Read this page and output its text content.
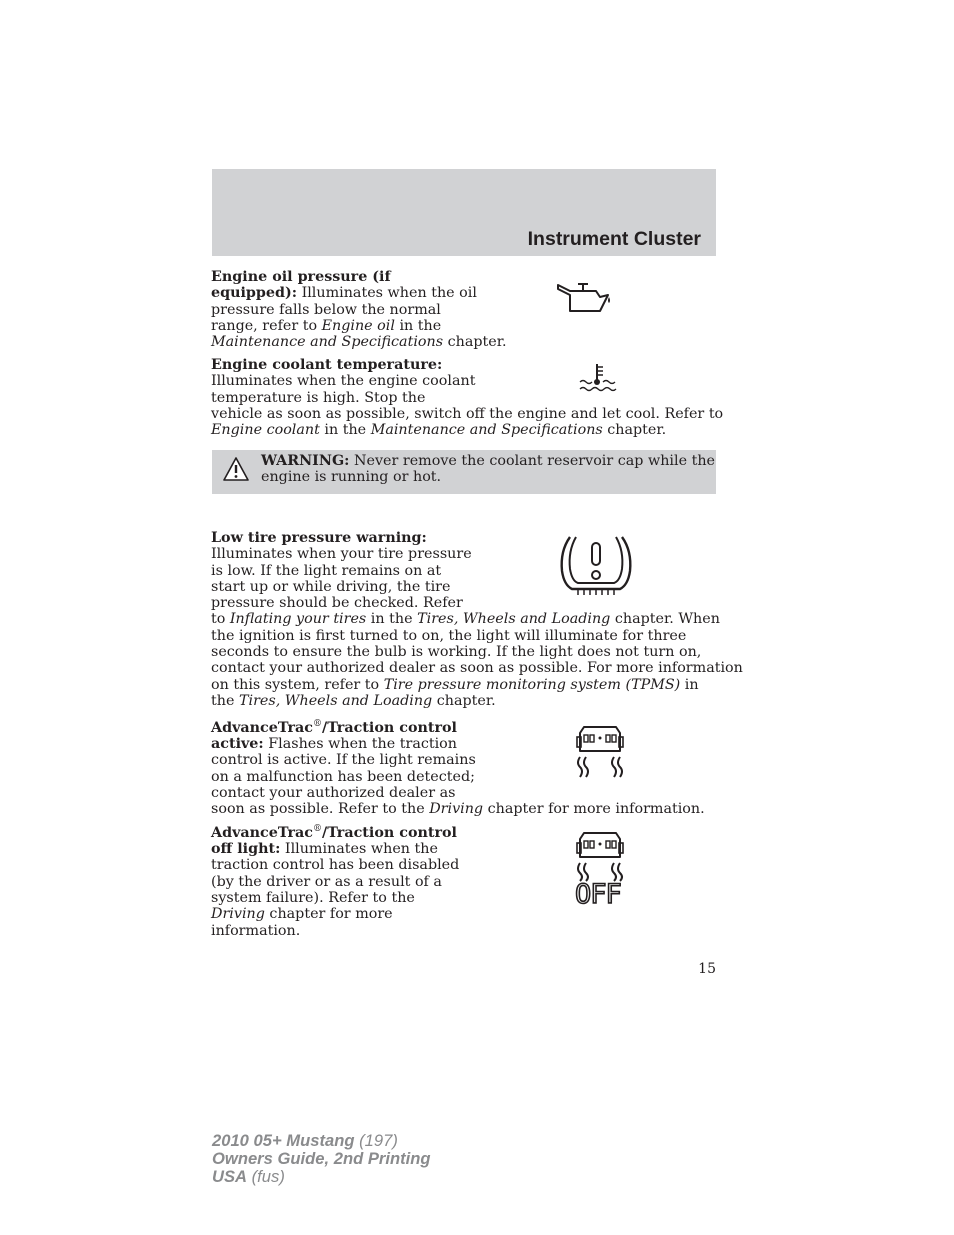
Instrument Cluster
Engine oil pressure (if
equipped): Illuminates when the oil
pressure falls below the normal
range, refer to Engine oil in the
Maintenance and Specifications chapter.
Engine coolant temperature:
Illuminates when the engine coolant
temperature is high. Stop the
vehicle as soon as possible, switch off the engine and let cool. Refer to
Engine coolant in the Maintenance and Specifications chapter.
WARNING: Never remove the coolant reservoir cap while the
engine is running or hot.
Low tire pressure warning:
Illuminates when your tire pressure
is low. If the light remains on at
start up or while driving, the tire
pressure should be checked. Refer
to Inflating your tires in the Tires, Wheels and Loading chapter. When
the ignition is first turned to on, the light will illuminate for three
seconds to ensure the bulb is working. If the light does not turn on,
contact your authorized dealer as soon as possible. For more information
on this system, refer to Tire pressure monitoring system (TPMS) in
the Tires, Wheels and Loading chapter.
AdvanceTrac®/Traction control
active: Flashes when the traction
control is active. If the light remains
on a malfunction has been detected;
contact your authorized dealer as
soon as possible. Refer to the Driving chapter for more information.
AdvanceTrac®/Traction control
off light: Illuminates when the
traction control has been disabled
(by the driver or as a result of a
system failure). Refer to the
Driving chapter for more
information.
OFF
15
2010 05+ Mustang (197)
Owners Guide, 2nd Printing
USA (fus)
